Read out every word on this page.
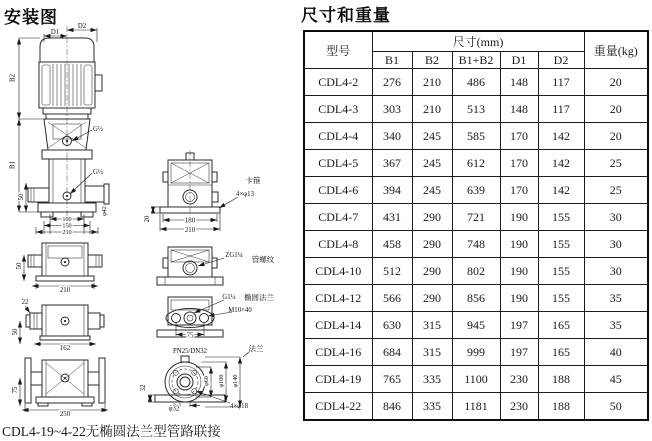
安装图	尺寸和重量
D1
D2
B2
B1
G½
G½
50
φ42
100
150
210
50
210
22
50
162
75
250
卡箍
4×φ13
20	180
210
ZG1¼ 管螺纹
G1¼ 椭圆法兰
M10×40
75
PN25/DN32	法兰
φ60 φ100 φ140
4×φ18
φ32
32
CDL4-19~4-22无椭圆法兰型管路联接
型号	尺寸(mm)					重量(kg)
	B1	B2	B1+B2	D1	D2	
CDL4-2	276	210	486	148	117	20
CDL4-3	303	210	513	148	117	20
CDL4-4	340	245	585	170	142	20
CDL4-5	367	245	612	170	142	25
CDL4-6	394	245	639	170	142	25
CDL4-7	431	290	721	190	155	30
CDL4-8	458	290	748	190	155	30
CDL4-10	512	290	802	190	155	30
CDL4-12	566	290	856	190	155	35
CDL4-14	630	315	945	197	165	35
CDL4-16	684	315	999	197	165	40
CDL4-19	765	335	1100	230	188	45
CDL4-22	846	335	1181	230	188	50
